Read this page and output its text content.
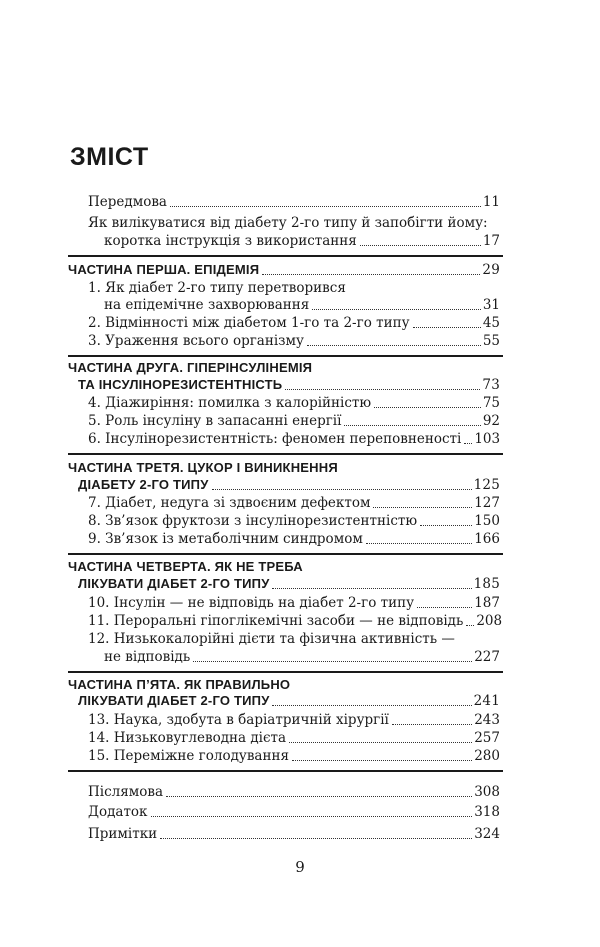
ЗМІСТ
Передмова	11
Як вилікуватися від діабету 2-го типу й запобігти йому:
коротка інструкція з використання	17
ЧАСТИНА ПЕРША. ЕПІДЕМІЯ	29
1. Як діабет 2-го типу перетворився
на епідемічне захворювання	31
2. Відмінності між діабетом 1-го та 2-го типу	45
3. Ураження всього організму	55
ЧАСТИНА ДРУГА. ГІПЕРІНСУЛІНЕМІЯ
ТА ІНСУЛІНОРЕЗИСТЕНТНІСТЬ	73
4. Діажиріння: помилка з калорійністю	75
5. Роль інсуліну в запасанні енергії	92
6. Інсулінорезистентність: феномен переповненості 103
ЧАСТИНА ТРЕТЯ. ЦУКОР І ВИНИКНЕННЯ
ДІАБЕТУ 2-ГО ТИПУ	125
7. Діабет, недуга зі здвоєним дефектом	127
8. Зв’язок фруктози з інсулінорезистентністю	150
9. Зв’язок із метаболічним синдромом	166
ЧАСТИНА ЧЕТВЕРТА. ЯК НЕ ТРЕБА
ЛІКУВАТИ ДІАБЕТ 2-ГО ТИПУ	185
10. Інсулін — не відповідь на діабет 2-го типу	187
11. Пероральні гіпоглікемічні засоби — не відповідь 208
12. Низькокалорійні дієти та фізична активність —
не відповідь	227
ЧАСТИНА П’ЯТА. ЯК ПРАВИЛЬНО
ЛІКУВАТИ ДІАБЕТ 2-ГО ТИПУ	241
13. Наука, здобута в баріатричній хірургії	243
14. Низьковуглеводна дієта	257
15. Переміжне голодування	280
Післямова	308
Додаток	318
Примітки	324
9
